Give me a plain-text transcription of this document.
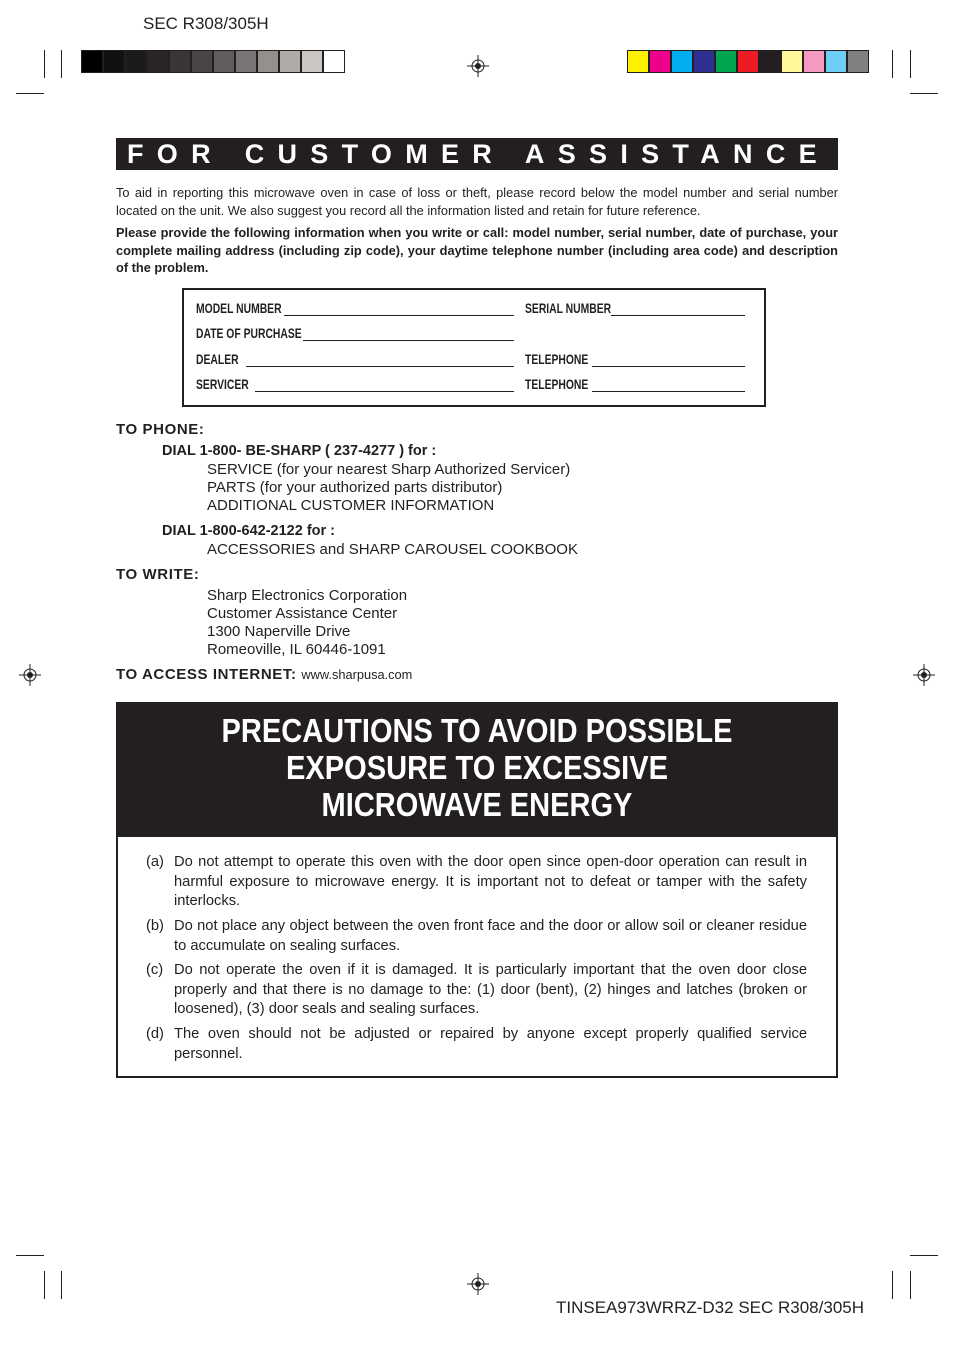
SEC R308/305H
FOR CUSTOMER ASSISTANCE

To aid in reporting this microwave oven in case of loss or theft, please record below the model number and serial number located on the unit. We also suggest you record all the information listed and retain for future reference.

Please provide the following information when you write or call: model number, serial number, date of purchase, your complete mailing address (including zip code), your daytime telephone number (including area code) and description of the problem.

MODEL NUMBER	SERIAL NUMBER
DATE OF PURCHASE
DEALER	TELEPHONE
SERVICER	TELEPHONE
TO PHONE:
DIAL 1-800- BE-SHARP ( 237-4277 ) for :
SERVICE (for your nearest Sharp Authorized Servicer)
PARTS (for your authorized parts distributor)
ADDITIONAL CUSTOMER INFORMATION
DIAL 1-800-642-2122 for :
ACCESSORIES and SHARP CAROUSEL COOKBOOK
TO WRITE:
Sharp Electronics Corporation
Customer Assistance Center
1300 Naperville Drive
Romeoville, IL 60446-1091
TO ACCESS INTERNET: www.sharpusa.com
PRECAUTIONS TO AVOID POSSIBLE
EXPOSURE TO EXCESSIVE
MICROWAVE ENERGY
(a) Do not attempt to operate this oven with the door open since open-door operation can result in harmful exposure to microwave energy. It is important not to defeat or tamper with the safety interlocks.
(b) Do not place any object between the oven front face and the door or allow soil or cleaner residue to accumulate on sealing surfaces.
(c) Do not operate the oven if it is damaged. It is particularly important that the oven door close properly and that there is no damage to the: (1) door (bent), (2) hinges and latches (broken or loosened), (3) door seals and sealing surfaces.
(d) The oven should not be adjusted or repaired by anyone except properly qualified service personnel.
TINSEA973WRRZ-D32 SEC R308/305H
